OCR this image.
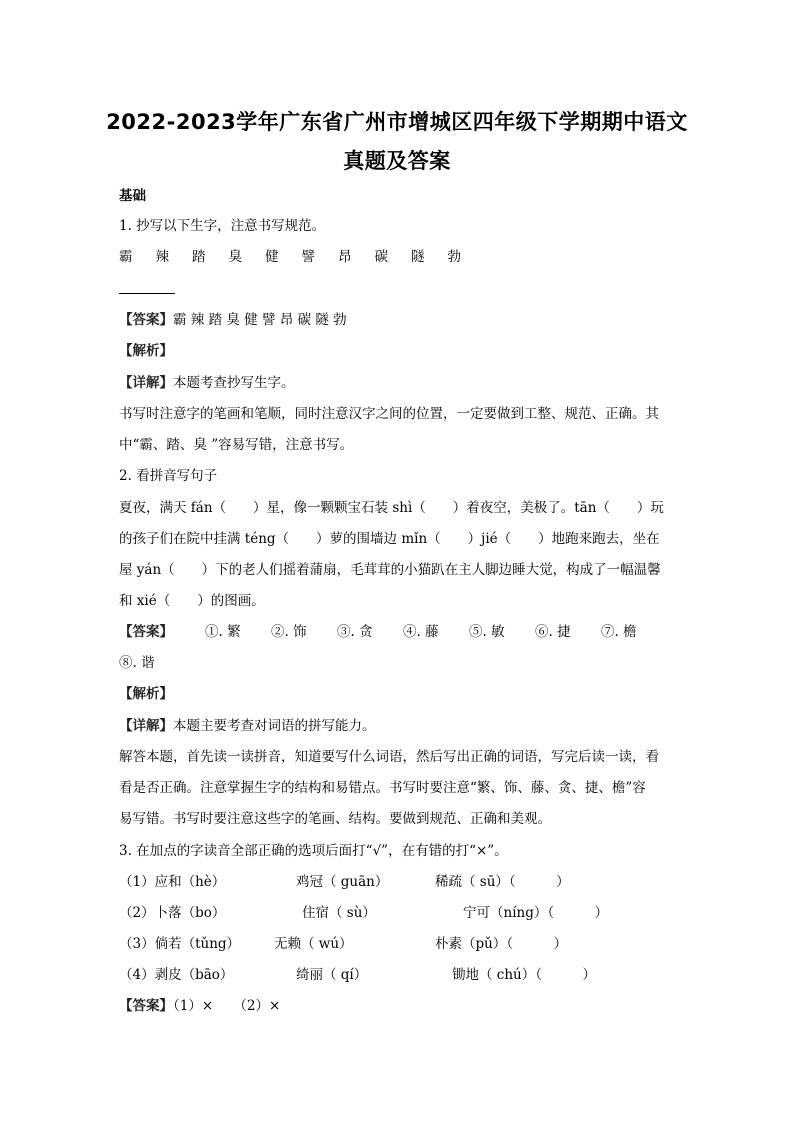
2022-2023学年广东省广州市增城区四年级下学期期中语文
真题及答案
基础
1. 抄写以下生字，注意书写规范。
霸 辣 踏 臭 健 譬 昂 碳 隧 勃
【答案】霸 辣 踏 臭 健 譬 昂 碳 隧 勃
【解析】
【详解】本题考查抄写生字。
书写时注意字的笔画和笔顺，同时注意汉字之间的位置，一定要做到工整、规范、正确。其
中“霸、踏、臭 ”容易写错，注意书写。
2. 看拼音写句子
夏夜，满天 fán（　　）星，像一颗颗宝石装 shì（　　）着夜空，美极了。tān（　　）玩
的孩子们在院中挂满 téng（　　）萝的围墙边 mǐn（　　）jié（　　）地跑来跑去，坐在
屋 yán（　　）下的老人们摇着蒲扇，毛茸茸的小猫趴在主人脚边睡大觉，构成了一幅温馨
和 xié（　　）的图画。
【答案】 ①. 繁 ②. 饰 ③. 贪 ④. 藤 ⑤. 敏 ⑥. 捷 ⑦. 檐
⑧. 谐
【解析】
【详解】本题主要考查对词语的拼写能力。
解答本题，首先读一读拼音，知道要写什么词语，然后写出正确的词语，写完后读一读，看
看是否正确。注意掌握生字的结构和易错点。书写时要注意“繁、饰、藤、贪、捷、檐”容
易写错。书写时要注意这些字的笔画、结构。要做到规范、正确和美观。
3. 在加点的字读音全部正确的选项后面打“√”，在有错的打“×”。
（1）应和（hè）	鸡冠（ guān）	稀疏（ sū）（　　　）
（2）卜落（bo）	住宿（ sù）	宁可（níng）（　　　）
（3）倘若（tǔng）	无赖（ wú）	朴素（pǔ）（　　　）
（4）剥皮（bāo）	绮丽（ qí）	锄地（ chú）（　　　）
【答案】（1）×　　（2）×
